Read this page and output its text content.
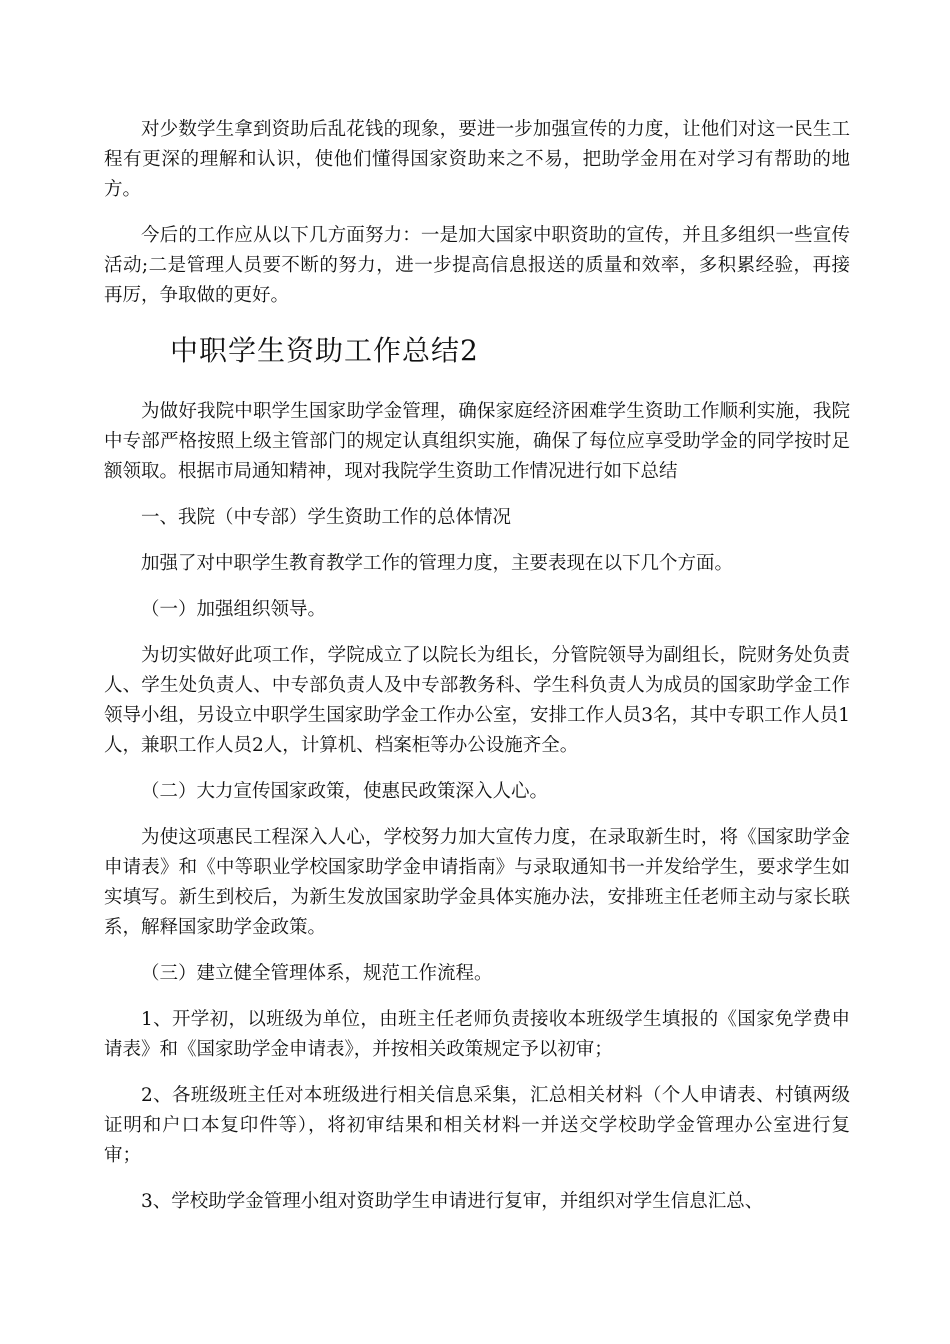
对少数学生拿到资助后乱花钱的现象，要进一步加强宣传的力度，让他们对这一民生工程有更深的理解和认识，使他们懂得国家资助来之不易，把助学金用在对学习有帮助的地方。

今后的工作应从以下几方面努力：一是加大国家中职资助的宣传，并且多组织一些宣传活动;二是管理人员要不断的努力，进一步提高信息报送的质量和效率，多积累经验，再接再厉，争取做的更好。

中职学生资助工作总结2

为做好我院中职学生国家助学金管理，确保家庭经济困难学生资助工作顺利实施，我院中专部严格按照上级主管部门的规定认真组织实施，确保了每位应享受助学金的同学按时足额领取。根据市局通知精神，现对我院学生资助工作情况进行如下总结

一、我院（中专部）学生资助工作的总体情况

加强了对中职学生教育教学工作的管理力度，主要表现在以下几个方面。

（一）加强组织领导。

为切实做好此项工作，学院成立了以院长为组长，分管院领导为副组长，院财务处负责人、学生处负责人、中专部负责人及中专部教务科、学生科负责人为成员的国家助学金工作领导小组，另设立中职学生国家助学金工作办公室，安排工作人员3名，其中专职工作人员1人，兼职工作人员2人，计算机、档案柜等办公设施齐全。

（二）大力宣传国家政策，使惠民政策深入人心。

为使这项惠民工程深入人心，学校努力加大宣传力度，在录取新生时，将《国家助学金申请表》和《中等职业学校国家助学金申请指南》与录取通知书一并发给学生，要求学生如实填写。新生到校后，为新生发放国家助学金具体实施办法，安排班主任老师主动与家长联系，解释国家助学金政策。

（三）建立健全管理体系，规范工作流程。

1、开学初，以班级为单位，由班主任老师负责接收本班级学生填报的《国家免学费申请表》和《国家助学金申请表》，并按相关政策规定予以初审；

2、各班级班主任对本班级进行相关信息采集，汇总相关材料（个人申请表、村镇两级证明和户口本复印件等），将初审结果和相关材料一并送交学校助学金管理办公室进行复审；

3、学校助学金管理小组对资助学生申请进行复审，并组织对学生信息汇总、
